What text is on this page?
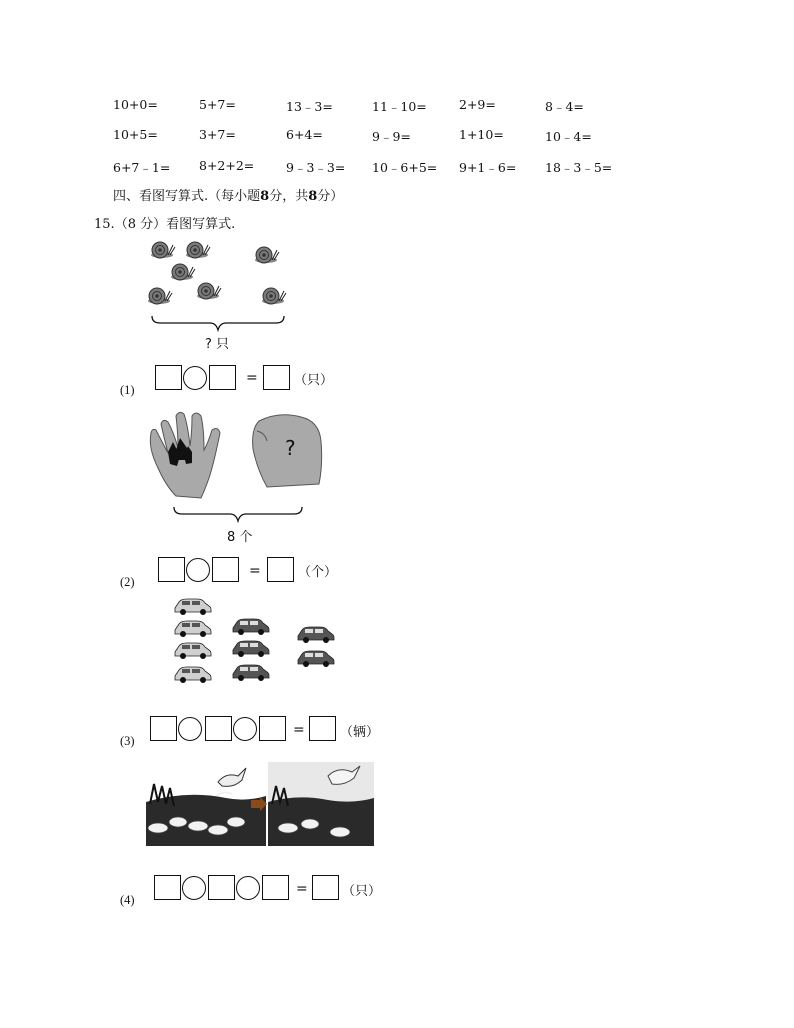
10+0=	5+7=	13﹣3=	11﹣10=	2+9=	8﹣4=
10+5=	3+7=	6+4=	9﹣9=	1+10=	10﹣4=
6+7﹣1= 8+2+2=	9﹣3﹣3= 10﹣6+5= 9+1﹣6= 18﹣3﹣5=
四、看图写算式.（每小题8分，共8分）
15.（8 分）看图写算式.
? 只
(1)
=	（只）
?
8 个
(2)
=	（个）
(3)
=	（辆）
(4)
=	（只）
